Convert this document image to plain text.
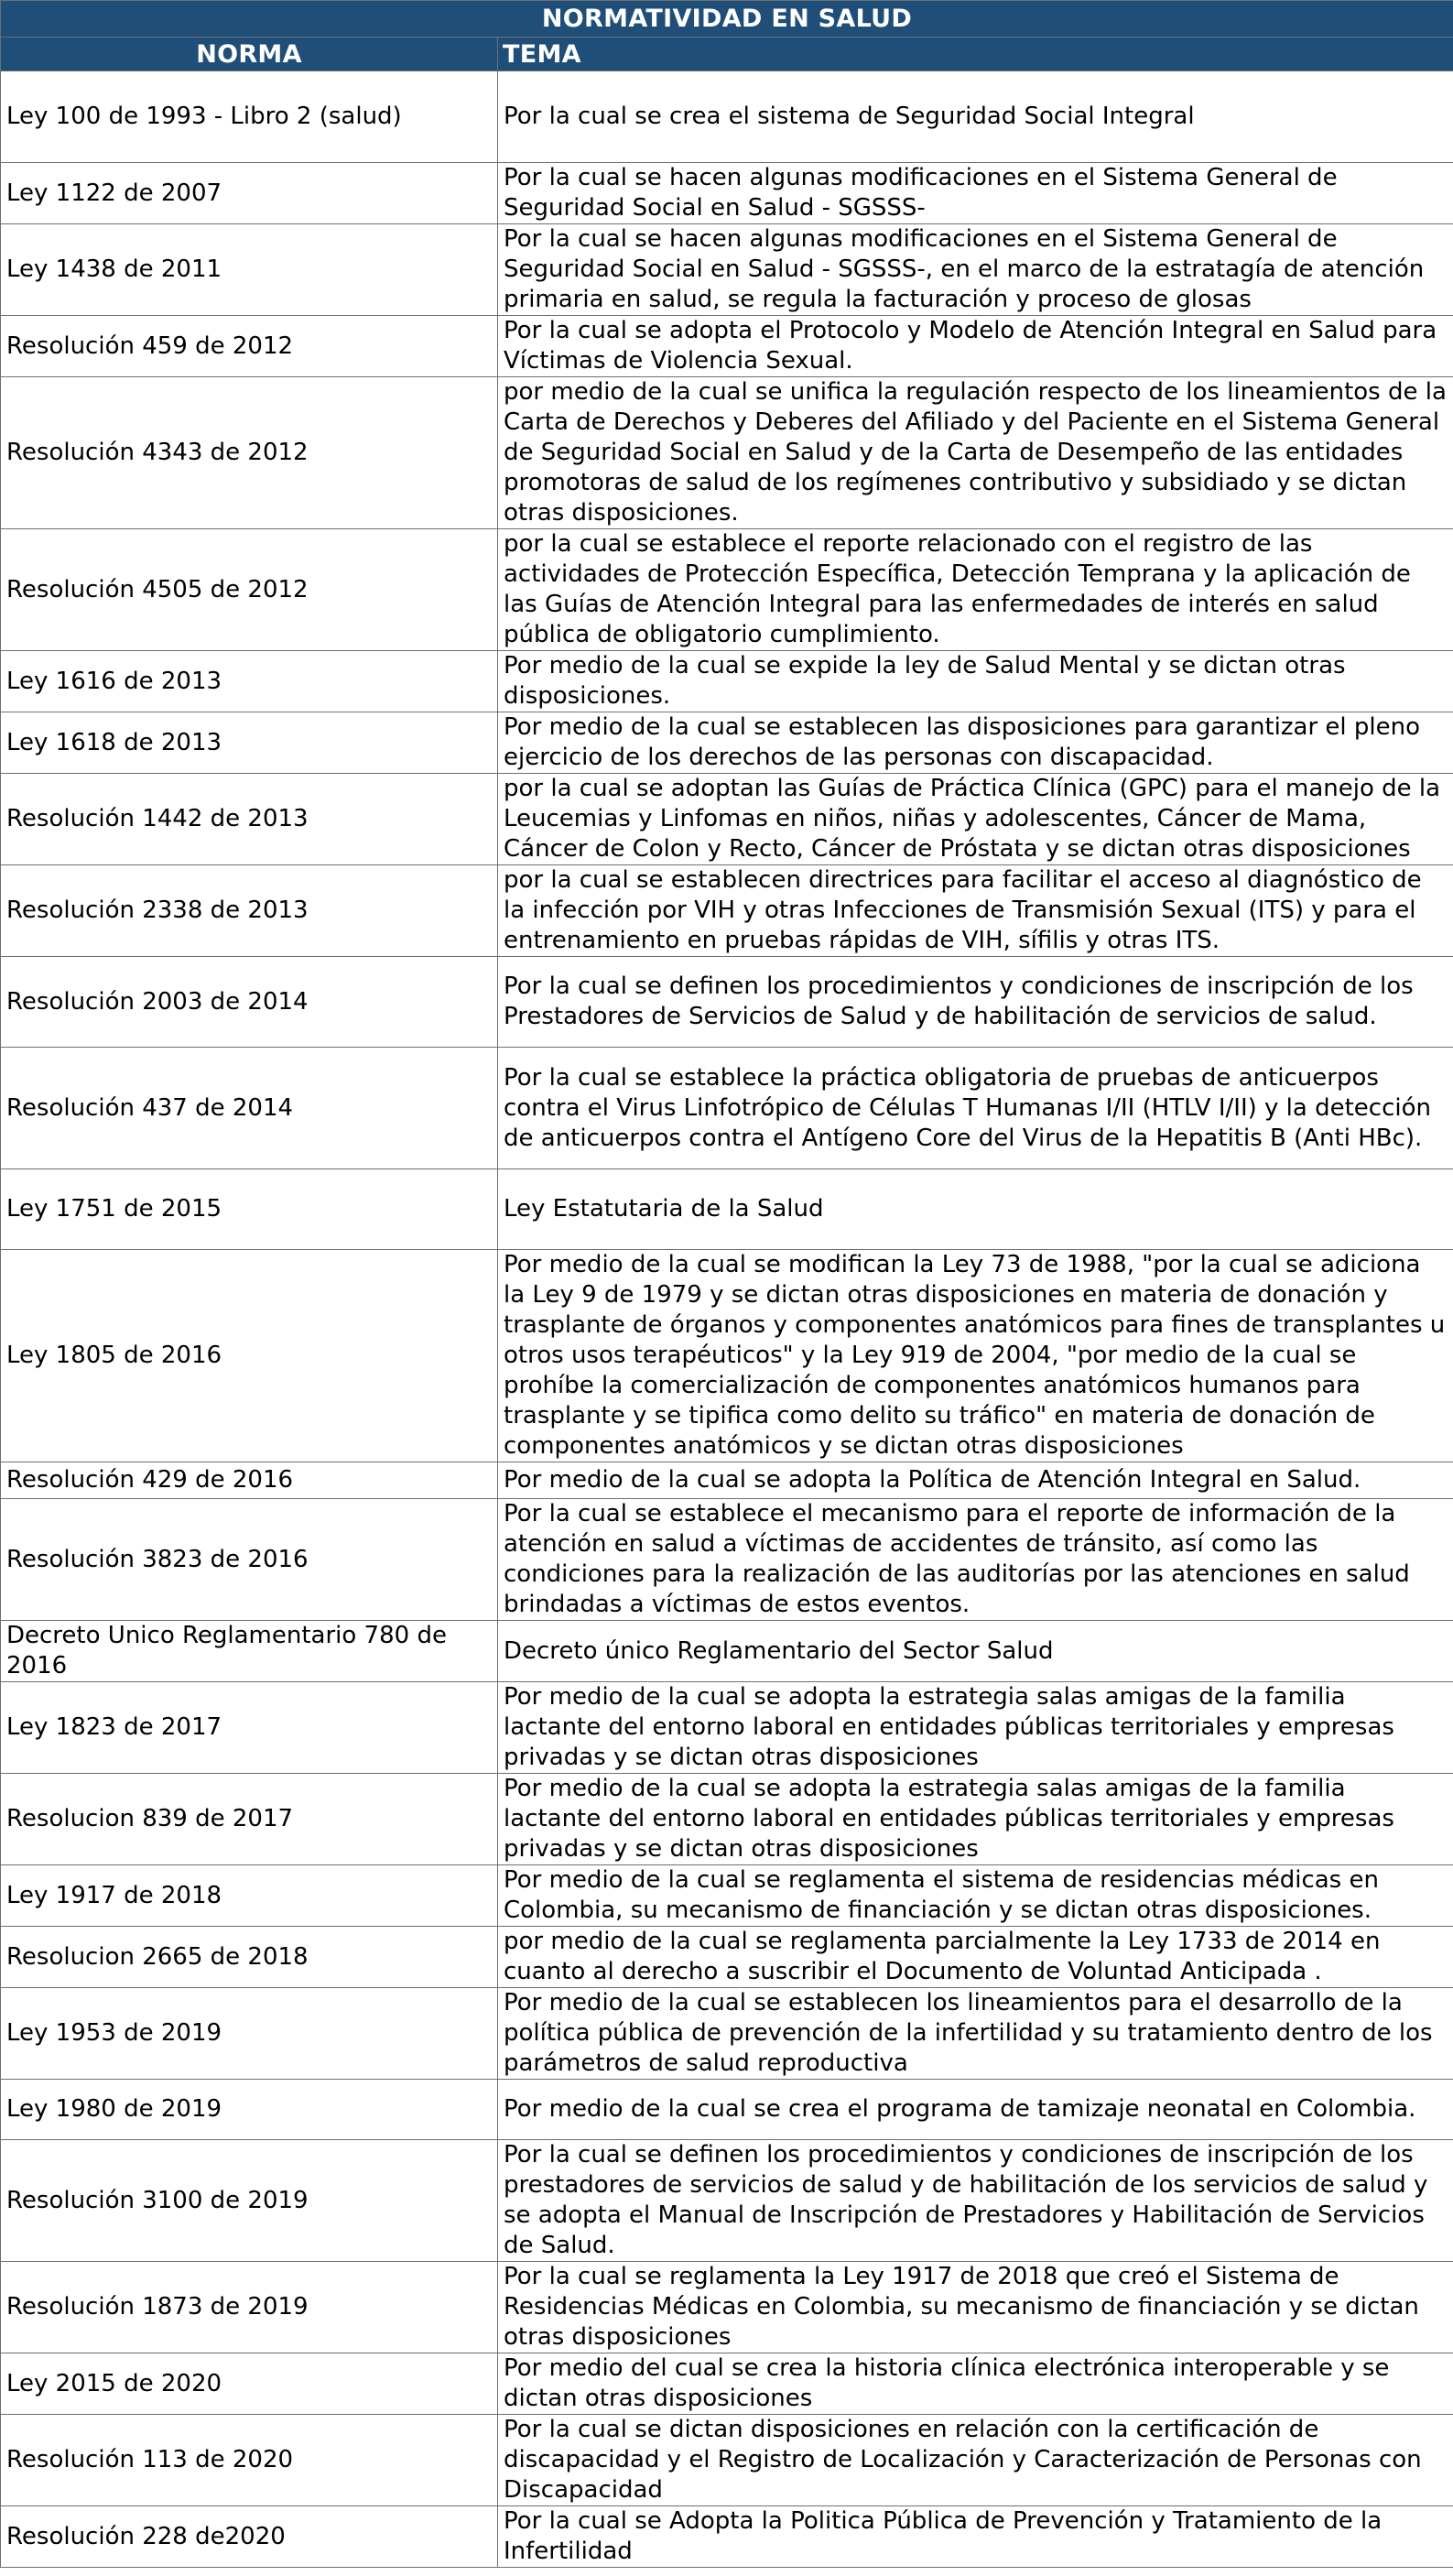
NORMATIVIDAD EN SALUD	
NORMA	TEMA
Ley 100 de 1993 - Libro 2 (salud)	Por la cual se crea el sistema de Seguridad Social Integral
Ley 1122 de 2007	Por la cual se hacen algunas modificaciones en el Sistema General de Seguridad Social en Salud - SGSSS-
Ley 1438 de 2011	Por la cual se hacen algunas modificaciones en el Sistema General de Seguridad Social en Salud - SGSSS-, en el marco de la estratagía de atención primaria en salud, se regula la facturación y proceso de glosas
Resolución 459 de 2012	Por la cual se adopta el Protocolo y Modelo de Atención Integral en Salud para Víctimas de Violencia Sexual.
Resolución 4343 de 2012	por medio de la cual se unifica la regulación respecto de los lineamientos de la Carta de Derechos y Deberes del Afiliado y del Paciente en el Sistema General de Seguridad Social en Salud y de la Carta de Desempeño de las entidades promotoras de salud de los regímenes contributivo y subsidiado y se dictan otras disposiciones.
Resolución 4505 de 2012	por la cual se establece el reporte relacionado con el registro de las actividades de Protección Específica, Detección Temprana y la aplicación de las Guías de Atención Integral para las enfermedades de interés en salud pública de obligatorio cumplimiento.
Ley 1616 de 2013	Por medio de la cual se expide la ley de Salud Mental y se dictan otras disposiciones.
Ley 1618 de 2013	Por medio de la cual se establecen las disposiciones para garantizar el pleno ejercicio de los derechos de las personas con discapacidad.
Resolución 1442 de 2013	por la cual se adoptan las Guías de Práctica Clínica (GPC) para el manejo de la Leucemias y Linfomas en niños, niñas y adolescentes, Cáncer de Mama, Cáncer de Colon y Recto, Cáncer de Próstata y se dictan otras disposiciones
Resolución 2338 de 2013	por la cual se establecen directrices para facilitar el acceso al diagnóstico de la infección por VIH y otras Infecciones de Transmisión Sexual (ITS) y para el entrenamiento en pruebas rápidas de VIH, sífilis y otras ITS.
Resolución 2003 de 2014	Por la cual se definen los procedimientos y condiciones de inscripción de los Prestadores de Servicios de Salud y de habilitación de servicios de salud.
Resolución 437 de 2014	Por la cual se establece la práctica obligatoria de pruebas de anticuerpos contra el Virus Linfotrópico de Células T Humanas I/II (HTLV I/II) y la detección de anticuerpos contra el Antígeno Core del Virus de la Hepatitis B (Anti HBc).
Ley 1751 de 2015	Ley Estatutaria de la Salud
Ley 1805 de 2016	Por medio de la cual se modifican la Ley 73 de 1988, "por la cual se adiciona la Ley 9 de 1979 y se dictan otras disposiciones en materia de donación y trasplante de órganos y componentes anatómicos para fines de transplantes u otros usos terapéuticos" y la Ley 919 de 2004, "por medio de la cual se prohíbe la comercialización de componentes anatómicos humanos para trasplante y se tipifica como delito su tráfico" en materia de donación de componentes anatómicos y se dictan otras disposiciones
Resolución 429 de 2016	Por medio de la cual se adopta la Política de Atención Integral en Salud.
Resolución 3823 de 2016	Por la cual se establece el mecanismo para el reporte de información de la atención en salud a víctimas de accidentes de tránsito, así como las condiciones para la realización de las auditorías por las atenciones en salud brindadas a víctimas de estos eventos.
Decreto Unico Reglamentario 780 de 2016	Decreto único Reglamentario del Sector Salud
Ley 1823 de 2017	Por medio de la cual se adopta la estrategia salas amigas de la familia lactante del entorno laboral en entidades públicas territoriales y empresas privadas y se dictan otras disposiciones
Resolucion 839 de 2017	Por medio de la cual se adopta la estrategia salas amigas de la familia lactante del entorno laboral en entidades públicas territoriales y empresas privadas y se dictan otras disposiciones
Ley 1917 de 2018	Por medio de la cual se reglamenta el sistema de residencias médicas en Colombia, su mecanismo de financiación y se dictan otras disposiciones.
Resolucion 2665 de 2018	por medio de la cual se reglamenta parcialmente la Ley 1733 de 2014 en cuanto al derecho a suscribir el Documento de Voluntad Anticipada .
Ley 1953 de 2019	Por medio de la cual se establecen los lineamientos para el desarrollo de la política pública de prevención de la infertilidad y su tratamiento dentro de los parámetros de salud reproductiva
Ley 1980 de 2019	Por medio de la cual se crea el programa de tamizaje neonatal en Colombia.
Resolución 3100 de 2019	Por la cual se definen los procedimientos y condiciones de inscripción de los prestadores de servicios de salud y de habilitación de los servicios de salud y se adopta el Manual de Inscripción de Prestadores y Habilitación de Servicios de Salud.
Resolución 1873 de 2019	Por la cual se reglamenta la Ley 1917 de 2018 que creó el Sistema de Residencias Médicas en Colombia, su mecanismo de financiación y se dictan otras disposiciones
Ley 2015 de 2020	Por medio del cual se crea la historia clínica electrónica interoperable y se dictan otras disposiciones
Resolución 113 de 2020	Por la cual se dictan disposiciones en relación con la certificación de discapacidad y el Registro de Localización y Caracterización de Personas con Discapacidad
Resolución 228 de2020	Por la cual se Adopta la Politica Pública de Prevención y Tratamiento de la Infertilidad
